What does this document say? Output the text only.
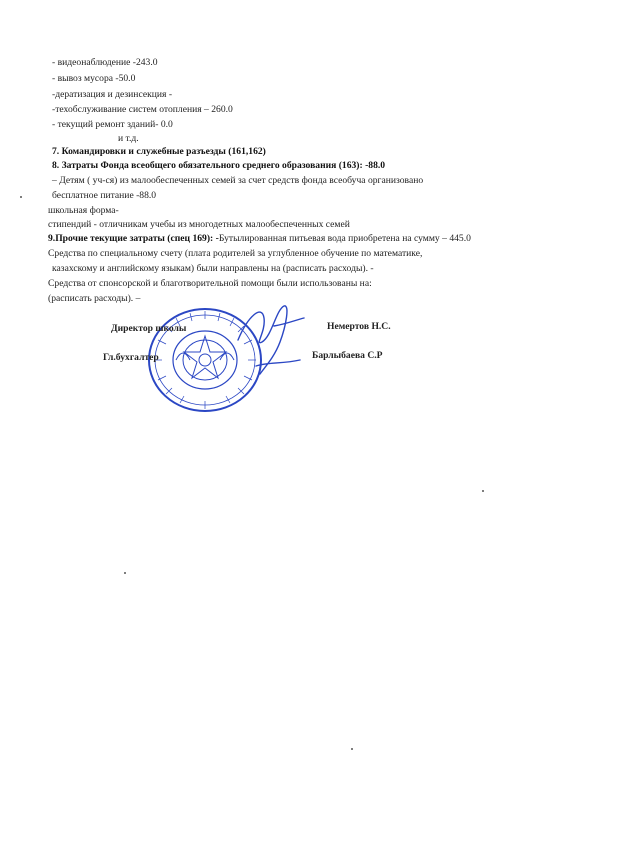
- видеонаблюдение -243.0
- вывоз мусора -50.0
-дератизация и дезинсекция -
-техобслуживание систем отопления – 260.0
- текущий ремонт зданий- 0.0
и т.д.
7. Командировки и служебные разъезды (161,162)
8. Затраты Фонда всеобщего обязательного среднего образования (163): -88.0
– Детям ( уч-ся) из малообеспеченных семей за счет средств фонда всеобуча организовано
бесплатное питание -88.0
школьная форма-
стипендий - отличникам учебы из многодетных малообеспеченных семей
9.Прочие текущие затраты (спец 169): -Бутылированная питьевая вода приобретена на сумму – 445.0
Средства по специальному счету (плата родителей за углубленное обучение по математике,
казахскому и английскому языкам) были направлены на (расписать расходы). -
Средства от спонсорской и благотворительной помощи были использованы на:
(расписать расходы). –
Директор школы	Немертов Н.С.
Гл.бухгалтер	Барлыбаева С.Р
